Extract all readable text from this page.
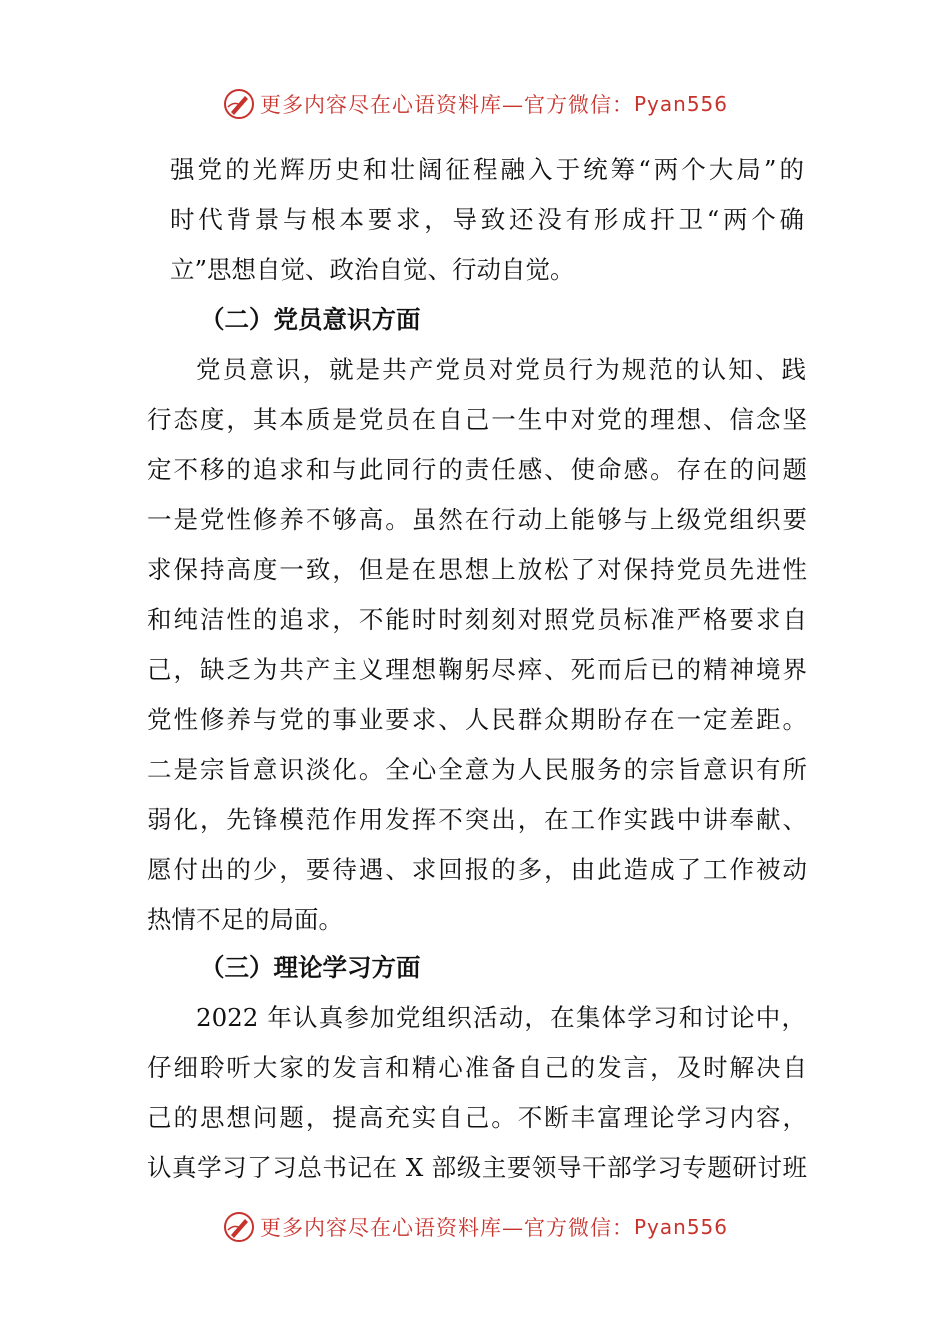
更多内容尽在心语资料库—官方微信： Pyan556
强党的光辉历史和壮阔征程融入于统筹“两个大局”的
时代背景与根本要求，导致还没有形成扞卫“两个确
立”思想自觉、政治自觉、行动自觉。
（二）党员意识方面
党员意识，就是共产党员对党员行为规范的认知、践
行态度，其本质是党员在自己一生中对党的理想、信念坚
定不移的追求和与此同行的责任感、使命感。存在的问题
一是党性修养不够高。虽然在行动上能够与上级党组织要
求保持高度一致，但是在思想上放松了对保持党员先进性
和纯洁性的追求，不能时时刻刻对照党员标准严格要求自
己，缺乏为共产主义理想鞠躬尽瘁、死而后已的精神境界
党性修养与党的事业要求、人民群众期盼存在一定差距。
二是宗旨意识淡化。全心全意为人民服务的宗旨意识有所
弱化，先锋模范作用发挥不突出，在工作实践中讲奉献、
愿付出的少，要待遇、求回报的多，由此造成了工作被动
热情不足的局面。
（三）理论学习方面
2022 年认真参加党组织活动，在集体学习和讨论中，
仔细聆听大家的发言和精心准备自己的发言，及时解决自
己的思想问题，提高充实自己。不断丰富理论学习内容，
认真学习了习总书记在 X 部级主要领导干部学习专题研讨班
更多内容尽在心语资料库—官方微信： Pyan556
